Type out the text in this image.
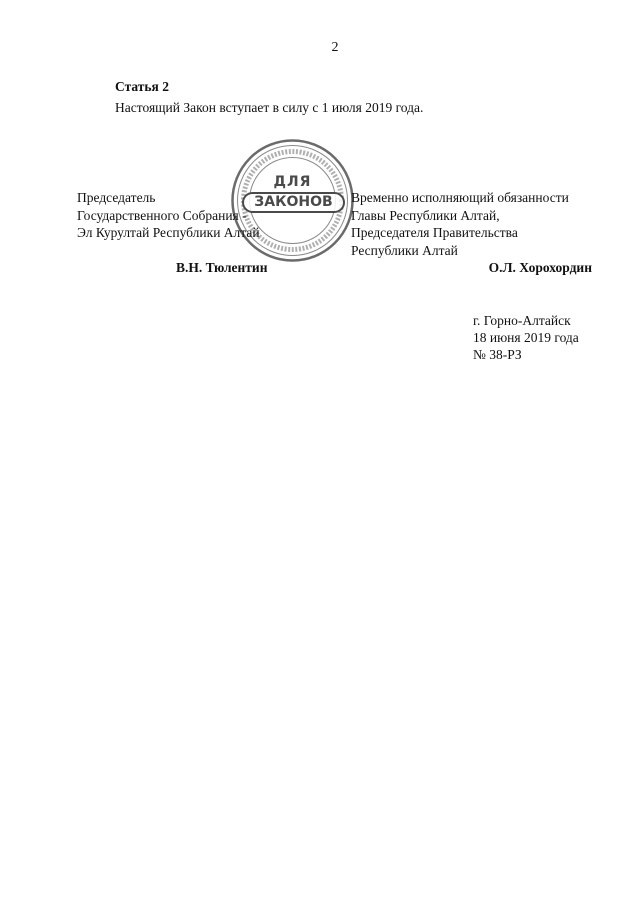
2
Статья 2
Настоящий Закон вступает в силу с 1 июля 2019 года.
ДЛЯ
ЗАКОНОВ
Председатель
Государственного Собрания -
Эл Курултай Республики Алтай
Временно исполняющий обязанности
Главы Республики Алтай,
Председателя Правительства
Республики Алтай
В.Н. Тюлентин	О.Л. Хорохордин
г. Горно-Алтайск
18 июня 2019 года
№ 38-РЗ
